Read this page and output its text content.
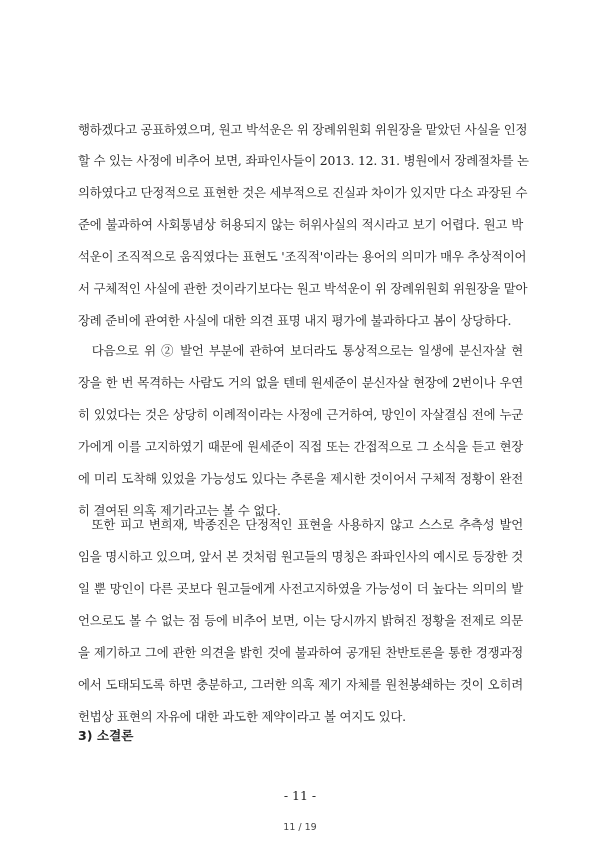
행하겠다고 공표하였으며, 원고 박석운은 위 장례위원회 위원장을 맡았던 사실을 인정
할 수 있는 사정에 비추어 보면, 좌파인사들이 2013. 12. 31. 병원에서 장례절차를 논
의하였다고 단정적으로 표현한 것은 세부적으로 진실과 차이가 있지만 다소 과장된 수
준에 불과하여 사회통념상 허용되지 않는 허위사실의 적시라고 보기 어렵다. 원고 박
석운이 조직적으로 움직였다는 표현도 '조직적'이라는 용어의 의미가 매우 추상적이어
서 구체적인 사실에 관한 것이라기보다는 원고 박석운이 위 장례위원회 위원장을 맡아
장례 준비에 관여한 사실에 대한 의견 표명 내지 평가에 불과하다고 봄이 상당하다.
　다음으로 위 ② 발언 부분에 관하여 보더라도 통상적으로는 일생에 분신자살 현
장을 한 번 목격하는 사람도 거의 없을 텐데 원세준이 분신자살 현장에 2번이나 우연
히 있었다는 것은 상당히 이례적이라는 사정에 근거하여, 망인이 자살결심 전에 누군
가에게 이를 고지하였기 때문에 원세준이 직접 또는 간접적으로 그 소식을 듣고 현장
에 미리 도착해 있었을 가능성도 있다는 추론을 제시한 것이어서 구체적 정황이 완전
히 결여된 의혹 제기라고는 볼 수 없다.
　또한 피고 변희재, 박종진은 단정적인 표현을 사용하지 않고 스스로 추측성 발언
임을 명시하고 있으며, 앞서 본 것처럼 원고들의 명칭은 좌파인사의 예시로 등장한 것
일 뿐 망인이 다른 곳보다 원고들에게 사전고지하였을 가능성이 더 높다는 의미의 발
언으로도 볼 수 없는 점 등에 비추어 보면, 이는 당시까지 밝혀진 정황을 전제로 의문
을 제기하고 그에 관한 의견을 밝힌 것에 불과하여 공개된 찬반토론을 통한 경쟁과정
에서 도태되도록 하면 충분하고, 그러한 의혹 제기 자체를 원천봉쇄하는 것이 오히려
헌법상 표현의 자유에 대한 과도한 제약이라고 볼 여지도 있다.
3) 소결론
- 11 -
11 / 19
